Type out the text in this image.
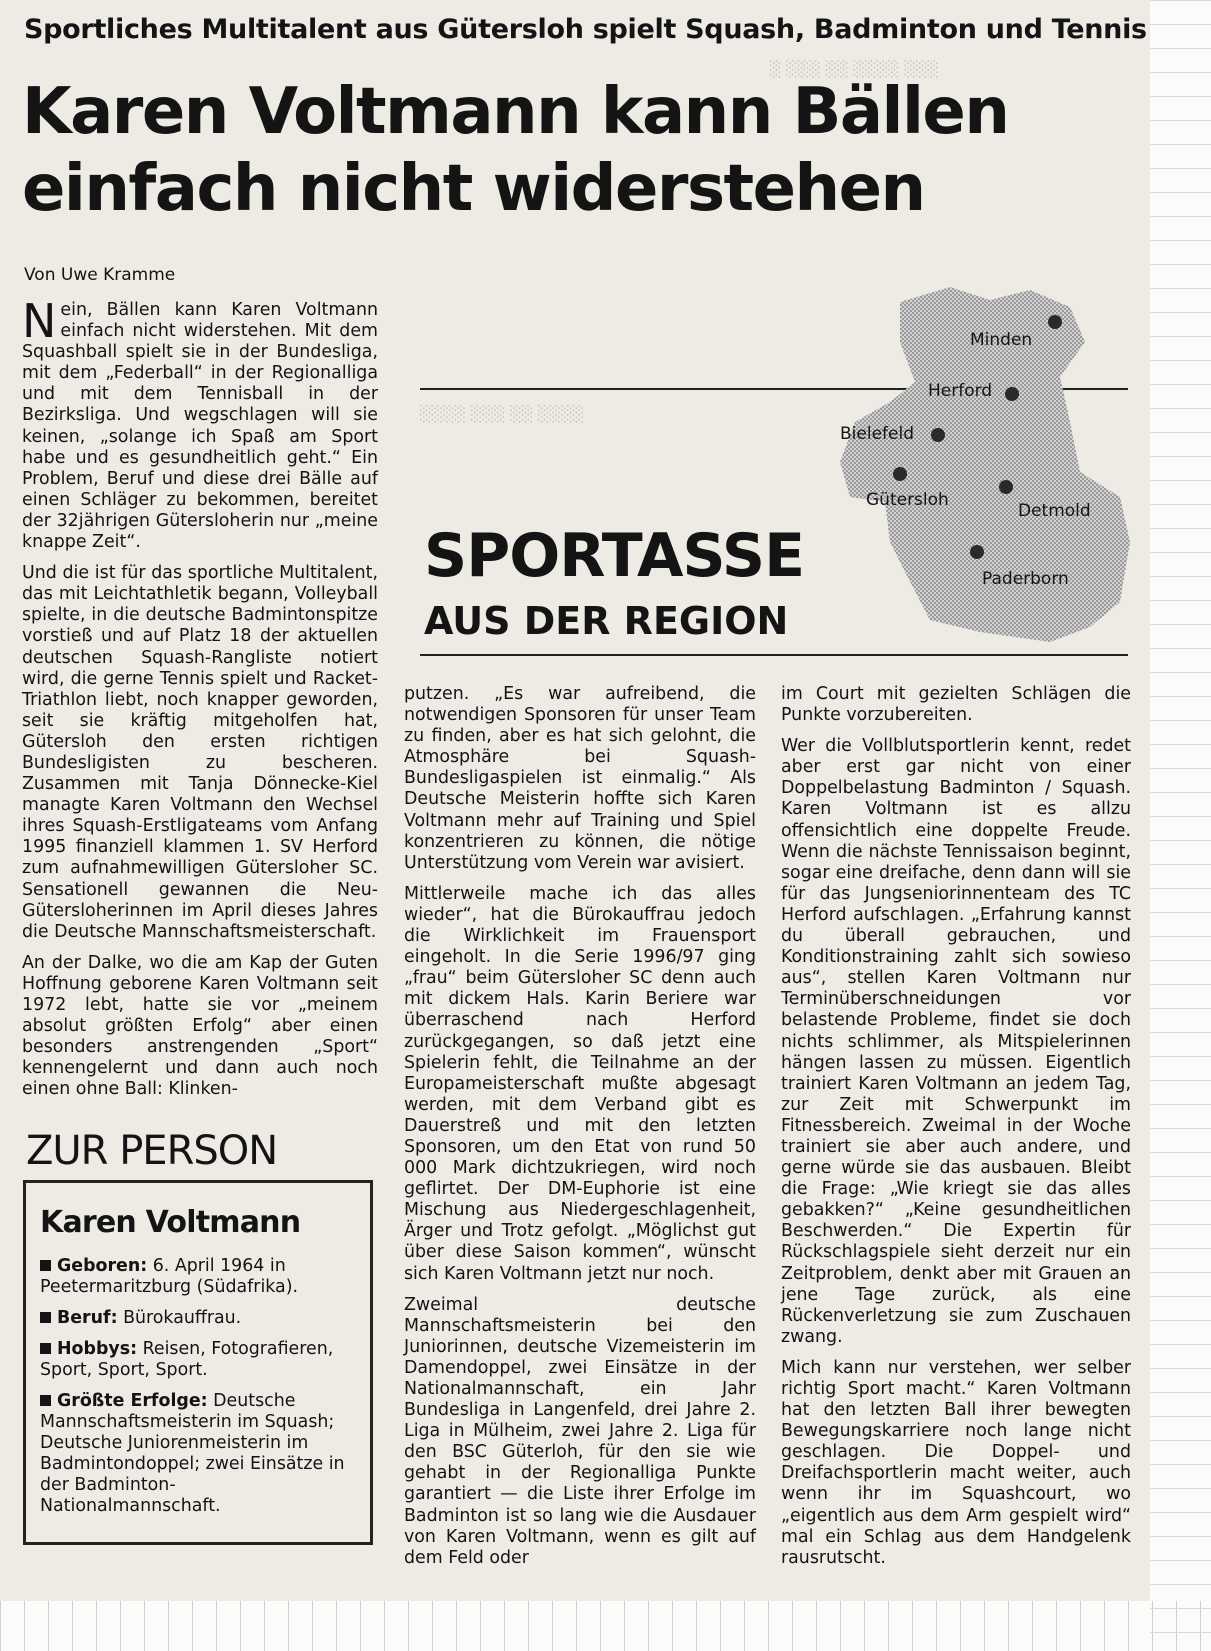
Sportliches Multitalent aus Gütersloh spielt Squash, Badminton und Tennis
Karen Voltmann kann Bällen
einfach nicht widerstehen
Von Uwe Kramme

Nein, Bällen kann Karen Voltmann einfach nicht widerstehen. Mit dem Squashball spielt sie in der Bundesliga, mit dem „Federball“ in der Regionalliga und mit dem Tennisball in der Bezirksliga. Und wegschlagen will sie keinen, „solange ich Spaß am Sport habe und es gesundheitlich geht.“ Ein Problem, Beruf und diese drei Bälle auf einen Schläger zu bekommen, bereitet der 32jährigen Gütersloherin nur „meine knappe Zeit“.

Und die ist für das sportliche Multitalent, das mit Leichtathletik begann, Volleyball spielte, in die deutsche Badmintonspitze vorstieß und auf Platz 18 der aktuellen deutschen Squash-Rangliste notiert wird, die gerne Tennis spielt und Racket-Triathlon liebt, noch knapper geworden, seit sie kräftig mitgeholfen hat, Gütersloh den ersten richtigen Bundesligisten zu bescheren. Zusammen mit Tanja Dönnecke-Kiel managte Karen Voltmann den Wechsel ihres Squash-Erstligateams vom Anfang 1995 finanziell klammen 1. SV Herford zum aufnahmewilligen Gütersloher SC. Sensationell gewannen die Neu-Gütersloherinnen im April dieses Jahres die Deutsche Mannschaftsmeisterschaft.

An der Dalke, wo die am Kap der Guten Hoffnung geborene Karen Voltmann seit 1972 lebt, hatte sie vor „meinem absolut größten Erfolg“ aber einen besonders anstrengenden „Sport“ kennengelernt und dann auch noch einen ohne Ball: Klinken-

ZUR PERSON
Karen Voltmann
Geboren: 6. April 1964 in Peetermaritzburg (Südafrika).
Beruf: Bürokauffrau.
Hobbys: Reisen, Fotografieren, Sport, Sport, Sport.
Größte Erfolge: Deutsche Mannschaftsmeisterin im Squash; Deutsche Juniorenmeisterin im Badmintondoppel; zwei Einsätze in der Badminton-Nationalmannschaft.
░ ░░░ ░░ ░░░░ ░░░
░░░░ ░░░ ░░ ░░░░
Minden
Herford
Bielefeld
Gütersloh
Detmold
Paderborn
SPORTASSE
AUS DER REGION

putzen. „Es war aufreibend, die notwendigen Sponsoren für unser Team zu finden, aber es hat sich gelohnt, die Atmosphäre bei Squash-Bundesligaspielen ist einmalig.“ Als Deutsche Meisterin hoffte sich Karen Voltmann mehr auf Training und Spiel konzentrieren zu können, die nötige Unterstützung vom Verein war avisiert.

Mittlerweile mache ich das alles wieder“, hat die Bürokauffrau jedoch die Wirklichkeit im Frauensport eingeholt. In die Serie 1996/97 ging „frau“ beim Gütersloher SC denn auch mit dickem Hals. Karin Beriere war überraschend nach Herford zurückgegangen, so daß jetzt eine Spielerin fehlt, die Teilnahme an der Europameisterschaft mußte abgesagt werden, mit dem Verband gibt es Dauerstreß und mit den letzten Sponsoren, um den Etat von rund 50 000 Mark dichtzukriegen, wird noch geflirtet. Der DM-Euphorie ist eine Mischung aus Niedergeschlagenheit, Ärger und Trotz gefolgt. „Möglichst gut über diese Saison kommen“, wünscht sich Karen Voltmann jetzt nur noch.

Zweimal deutsche Mannschaftsmeisterin bei den Juniorinnen, deutsche Vizemeisterin im Damendoppel, zwei Einsätze in der Nationalmannschaft, ein Jahr Bundesliga in Langenfeld, drei Jahre 2. Liga in Mülheim, zwei Jahre 2. Liga für den BSC Güterloh, für den sie wie gehabt in der Regionalliga Punkte garantiert — die Liste ihrer Erfolge im Badminton ist so lang wie die Ausdauer von Karen Voltmann, wenn es gilt auf dem Feld oder

im Court mit gezielten Schlägen die Punkte vorzubereiten.

Wer die Vollblutsportlerin kennt, redet aber erst gar nicht von einer Doppelbelastung Badminton / Squash. Karen Voltmann ist es allzu offensichtlich eine doppelte Freude. Wenn die nächste Tennissaison beginnt, sogar eine dreifache, denn dann will sie für das Jungseniorinnenteam des TC Herford aufschlagen. „Erfahrung kannst du überall gebrauchen, und Konditionstraining zahlt sich sowieso aus“, stellen Karen Voltmann nur Terminüberschneidungen vor belastende Probleme, findet sie doch nichts schlimmer, als Mitspielerinnen hängen lassen zu müssen. Eigentlich trainiert Karen Voltmann an jedem Tag, zur Zeit mit Schwerpunkt im Fitnessbereich. Zweimal in der Woche trainiert sie aber auch andere, und gerne würde sie das ausbauen. Bleibt die Frage: „Wie kriegt sie das alles gebakken?“ „Keine gesundheitlichen Beschwerden.“ Die Expertin für Rückschlagspiele sieht derzeit nur ein Zeitproblem, denkt aber mit Grauen an jene Tage zurück, als eine Rückenverletzung sie zum Zuschauen zwang.

Mich kann nur verstehen, wer selber richtig Sport macht.“ Karen Voltmann hat den letzten Ball ihrer bewegten Bewegungskarriere noch lange nicht geschlagen. Die Doppel- und Dreifachsportlerin macht weiter, auch wenn ihr im Squashcourt, wo „eigentlich aus dem Arm gespielt wird“ mal ein Schlag aus dem Handgelenk rausrutscht.
